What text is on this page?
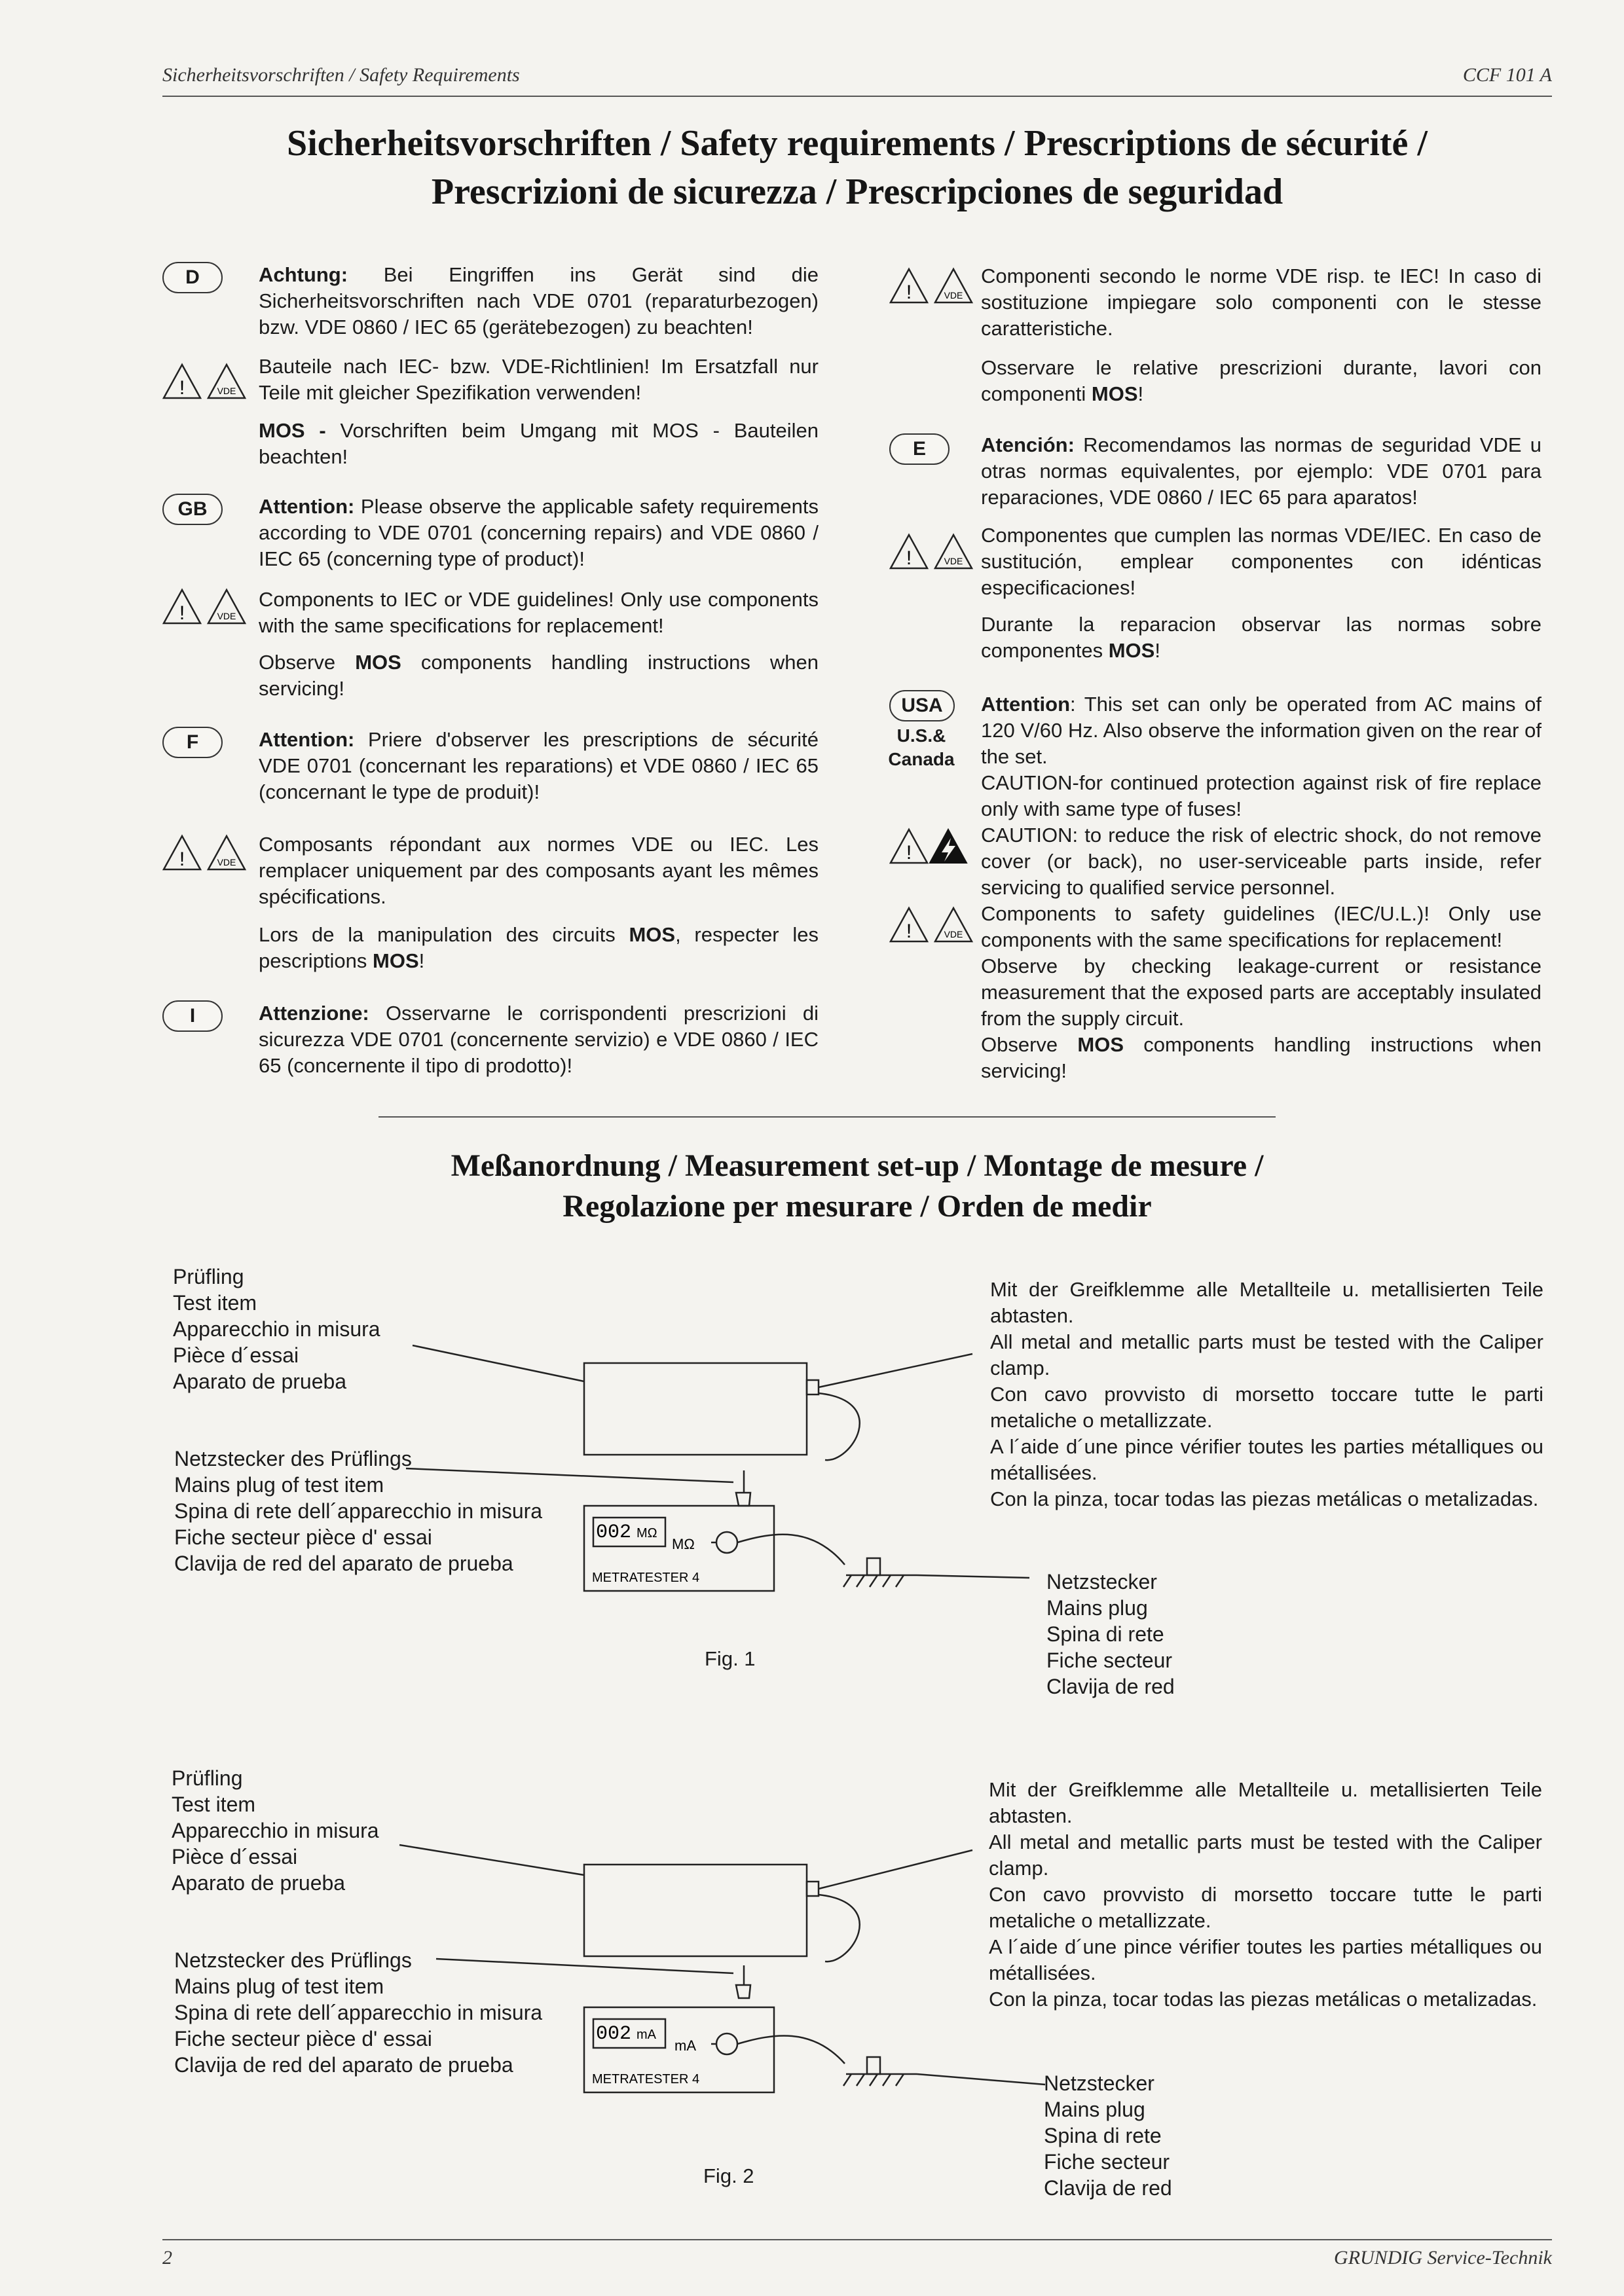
Sicherheitsvorschriften / Safety Requirements	CCF 101 A
Sicherheitsvorschriften / Safety requirements / Prescriptions de sécurité /
Prescrizioni de sicurezza / Prescripciones de seguridad
D	Achtung: Bei Eingriffen ins Gerät sind die Sicherheitsvorschriften nach VDE 0701 (reparaturbezogen) bzw. VDE 0860 / IEC 65 (gerätebezogen) zu beachten!
!	VDE
Bauteile nach IEC- bzw. VDE-Richtlinien! Im Ersatzfall nur Teile mit gleicher Spezifikation verwenden!
MOS - Vorschriften beim Umgang mit MOS - Bauteilen beachten!
GB	Attention: Please observe the applicable safety requirements according to VDE 0701 (concerning repairs) and VDE 0860 / IEC 65 (concerning type of product)!
!	VDE
Components to IEC or VDE guidelines! Only use components with the same specifications for replacement!
Observe MOS components handling instructions when servicing!
F	Attention: Priere d'observer les prescriptions de sécurité VDE 0701 (concernant les reparations) et VDE 0860 / IEC 65 (concernant le type de produit)!
!	VDE
Composants répondant aux normes VDE ou IEC. Les remplacer uniquement par des composants ayant les mêmes spécifications.
Lors de la manipulation des circuits MOS, respecter les pescriptions MOS!
I	Attenzione: Osservarne le corrispondenti prescrizioni di sicurezza VDE 0701 (concernente servizio) e VDE 0860 / IEC 65 (concernente il tipo di prodotto)!
!	VDE
Componenti secondo le norme VDE risp. te IEC! In caso di sostituzione impiegare solo componenti con le stesse caratteristiche.
Osservare le relative prescrizioni durante, lavori con componenti MOS!
E	Atención: Recomendamos las normas de seguridad VDE u otras normas equivalentes, por ejemplo: VDE 0701 para reparaciones, VDE 0860 / IEC 65 para aparatos!
!	VDE
Componentes que cumplen las normas VDE/IEC. En caso de sustitución, emplear componentes con idénticas especificaciones!
Durante la reparacion observar las normas sobre componentes MOS!
USA
U.S.&
Canada
Attention: This set can only be operated from AC mains of 120 V/60 Hz. Also observe the information given on the rear of the set.
CAUTION-for continued protection against risk of fire replace only with same type of fuses!
!
CAUTION: to reduce the risk of electric shock, do not remove cover (or back), no user-serviceable parts inside, refer servicing to qualified service personnel.
!	VDE
Components to safety guidelines (IEC/U.L.)! Only use components with the same specifications for replacement!
Observe by checking leakage-current or resistance measurement that the exposed parts are acceptably insulated from the supply circuit.
Observe MOS components handling instructions when servicing!
Meßanordnung / Measurement set-up / Montage de mesure /
Regolazione per mesurare / Orden de medir
Prüfling
Test item
Apparecchio in misura
Pièce d´essai
Aparato de prueba
Netzstecker des Prüflings
Mains plug of test item
Spina di rete dell´apparecchio in misura
Fiche secteur pièce d' essai
Clavija de red del aparato de prueba
Mit der Greifklemme alle Metallteile u. metallisierten Teile abtasten.
All metal and metallic parts must be tested with the Caliper clamp.
Con cavo provvisto di morsetto toccare tutte le parti metaliche o metallizzate.
A l´aide d´une pince vérifier toutes les parties métalliques ou métallisées.
Con la pinza, tocar todas las piezas metálicas o metalizadas.
Netzstecker
Mains plug
Spina di rete
Fiche secteur
Clavija de red
Fig. 1
002 MΩ
MΩ
METRATESTER 4
Prüfling
Test item
Apparecchio in misura
Pièce d´essai
Aparato de prueba
Netzstecker des Prüflings
Mains plug of test item
Spina di rete dell´apparecchio in misura
Fiche secteur pièce d' essai
Clavija de red del aparato de prueba
Mit der Greifklemme alle Metallteile u. metallisierten Teile abtasten.
All metal and metallic parts must be tested with the Caliper clamp.
Con cavo provvisto di morsetto toccare tutte le parti metaliche o metallizzate.
A l´aide d´une pince vérifier toutes les parties métalliques ou métallisées.
Con la pinza, tocar todas las piezas metálicas o metalizadas.
Netzstecker
Mains plug
Spina di rete
Fiche secteur
Clavija de red
Fig. 2
002 mA
mA
METRATESTER 4
2	GRUNDIG Service-Technik
